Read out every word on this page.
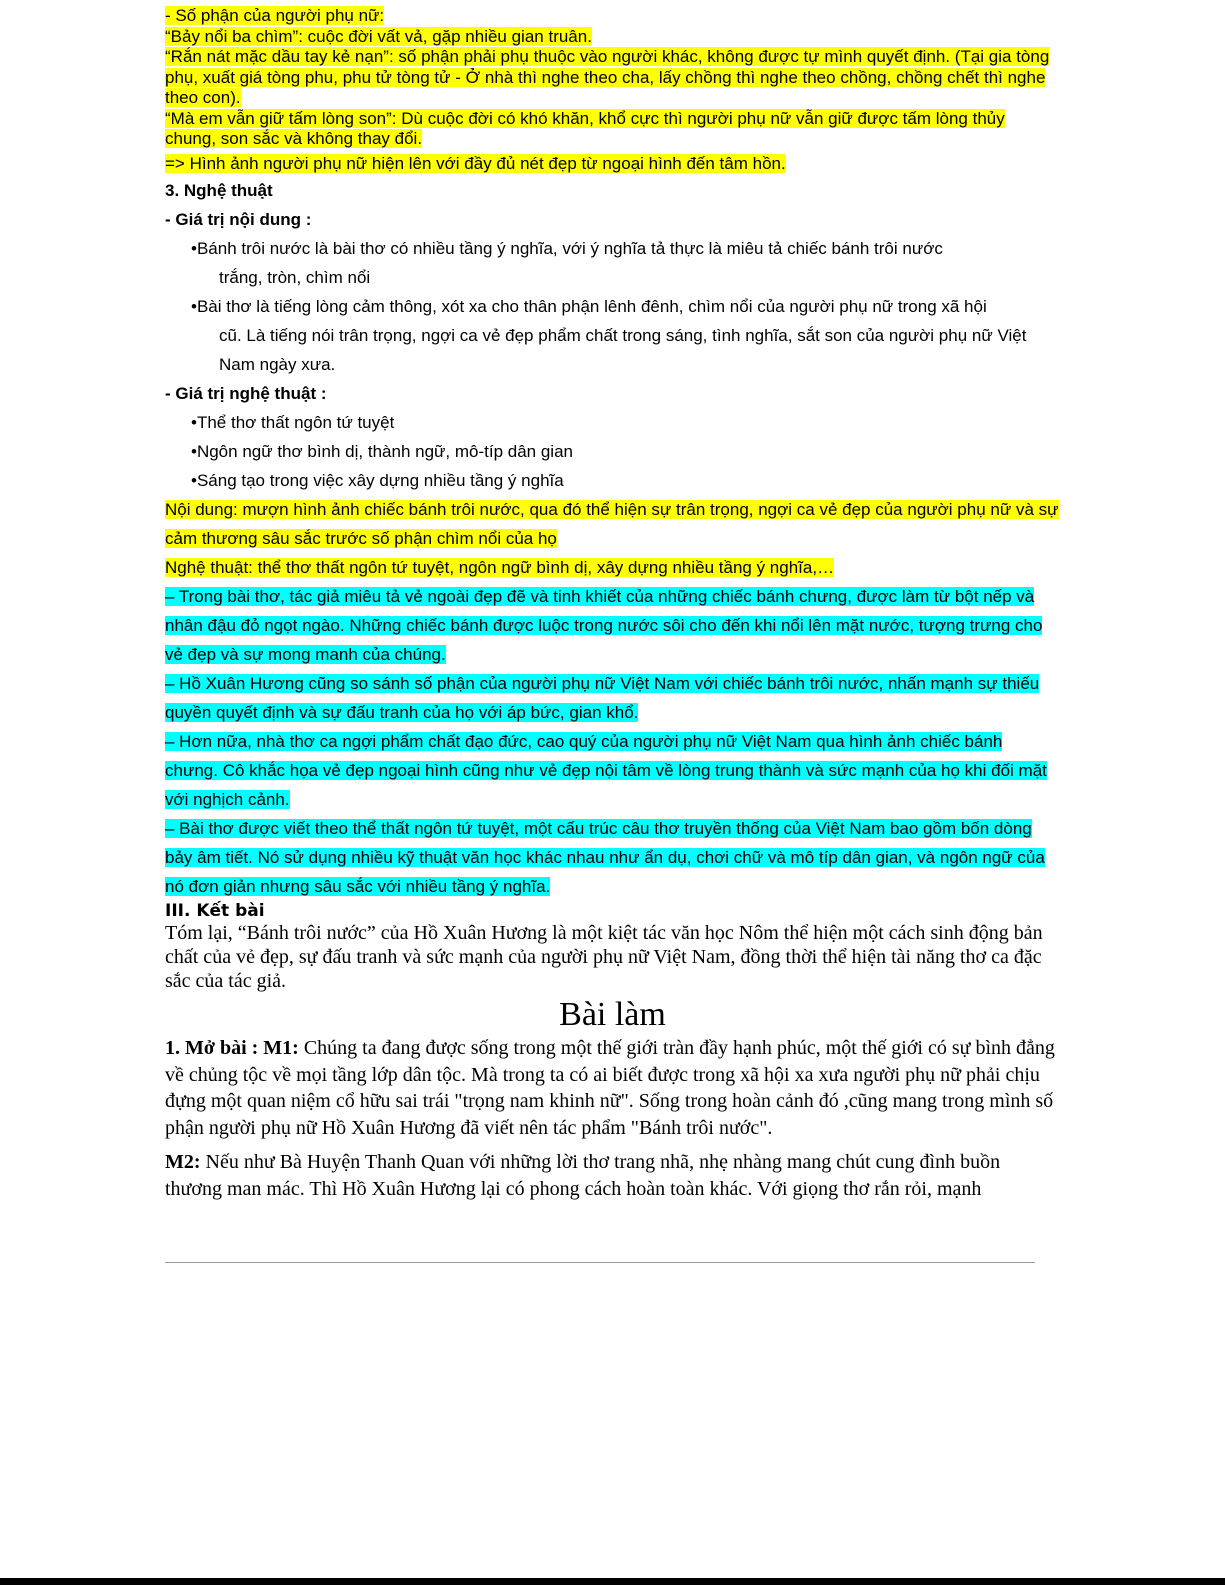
- Số phận của người phụ nữ:

“Bảy nổi ba chìm”: cuộc đời vất vả, gặp nhiều gian truân.

“Rắn nát mặc dầu tay kẻ nạn”: số phận phải phụ thuộc vào người khác, không được tự mình quyết định. (Tại gia tòng phụ, xuất giá tòng phu, phu tử tòng tử - Ở nhà thì nghe theo cha, lấy chồng thì nghe theo chồng, chồng chết thì nghe theo con).

“Mà em vẫn giữ tấm lòng son”: Dù cuộc đời có khó khăn, khổ cực thì người phụ nữ vẫn giữ được tấm lòng thủy chung, son sắc và không thay đổi.

=> Hình ảnh người phụ nữ hiện lên với đầy đủ nét đẹp từ ngoại hình đến tâm hồn.

3. Nghệ thuật

- Giá trị nội dung :

•Bánh trôi nước là bài thơ có nhiều tầng ý nghĩa, với ý nghĩa tả thực là miêu tả chiếc bánh trôi nước
trắng, tròn, chìm nổi

•Bài thơ là tiếng lòng cảm thông, xót xa cho thân phận lênh đênh, chìm nổi của người phụ nữ trong xã hội
cũ. Là tiếng nói trân trọng, ngợi ca vẻ đẹp phẩm chất trong sáng, tình nghĩa, sắt son của người phụ nữ Việt Nam ngày xưa.

- Giá trị nghệ thuật :

•Thể thơ thất ngôn tứ tuyệt

•Ngôn ngữ thơ bình dị, thành ngữ, mô-típ dân gian

•Sáng tạo trong việc xây dựng nhiều tầng ý nghĩa

Nội dung: mượn hình ảnh chiếc bánh trôi nước, qua đó thể hiện sự trân trọng, ngợi ca vẻ đẹp của người phụ nữ và sự cảm thương sâu sắc trước số phận chìm nổi của họ

Nghệ thuật: thể thơ thất ngôn tứ tuyệt, ngôn ngữ bình dị, xây dựng nhiều tầng ý nghĩa,…

– Trong bài thơ, tác giả miêu tả vẻ ngoài đẹp đẽ và tinh khiết của những chiếc bánh chưng, được làm từ bột nếp và nhân đậu đỏ ngọt ngào. Những chiếc bánh được luộc trong nước sôi cho đến khi nổi lên mặt nước, tượng trưng cho vẻ đẹp và sự mong manh của chúng.

– Hồ Xuân Hương cũng so sánh số phận của người phụ nữ Việt Nam với chiếc bánh trôi nước, nhấn mạnh sự thiếu quyền quyết định và sự đấu tranh của họ với áp bức, gian khổ.

– Hơn nữa, nhà thơ ca ngợi phẩm chất đạo đức, cao quý của người phụ nữ Việt Nam qua hình ảnh chiếc bánh chưng. Cô khắc họa vẻ đẹp ngoại hình cũng như vẻ đẹp nội tâm về lòng trung thành và sức mạnh của họ khi đối mặt với nghịch cảnh.

– Bài thơ được viết theo thể thất ngôn tứ tuyệt, một cấu trúc câu thơ truyền thống của Việt Nam bao gồm bốn dòng bảy âm tiết. Nó sử dụng nhiều kỹ thuật văn học khác nhau như ẩn dụ, chơi chữ và mô típ dân gian, và ngôn ngữ của nó đơn giản nhưng sâu sắc với nhiều tầng ý nghĩa.

III. Kết bài

Tóm lại, “Bánh trôi nước” của Hồ Xuân Hương là một kiệt tác văn học Nôm thể hiện một cách sinh động bản chất của vẻ đẹp, sự đấu tranh và sức mạnh của người phụ nữ Việt Nam, đồng thời thể hiện tài năng thơ ca đặc sắc của tác giả.

Bài làm

1. Mở bài : M1: Chúng ta đang được sống trong một thế giới tràn đầy hạnh phúc, một thế giới có sự bình đẳng về chủng tộc về mọi tầng lớp dân tộc. Mà trong ta có ai biết được trong xã hội xa xưa người phụ nữ phải chịu đựng một quan niệm cổ hữu sai trái "trọng nam khinh nữ". Sống trong hoàn cảnh đó ,cũng mang trong mình số phận người phụ nữ Hồ Xuân Hương đã viết nên tác phẩm "Bánh trôi nước".

M2: Nếu như Bà Huyện Thanh Quan với những lời thơ trang nhã, nhẹ nhàng mang chút cung đình buồn thương man mác. Thì Hồ Xuân Hương lại có phong cách hoàn toàn khác. Với giọng thơ rắn rỏi, mạnh
